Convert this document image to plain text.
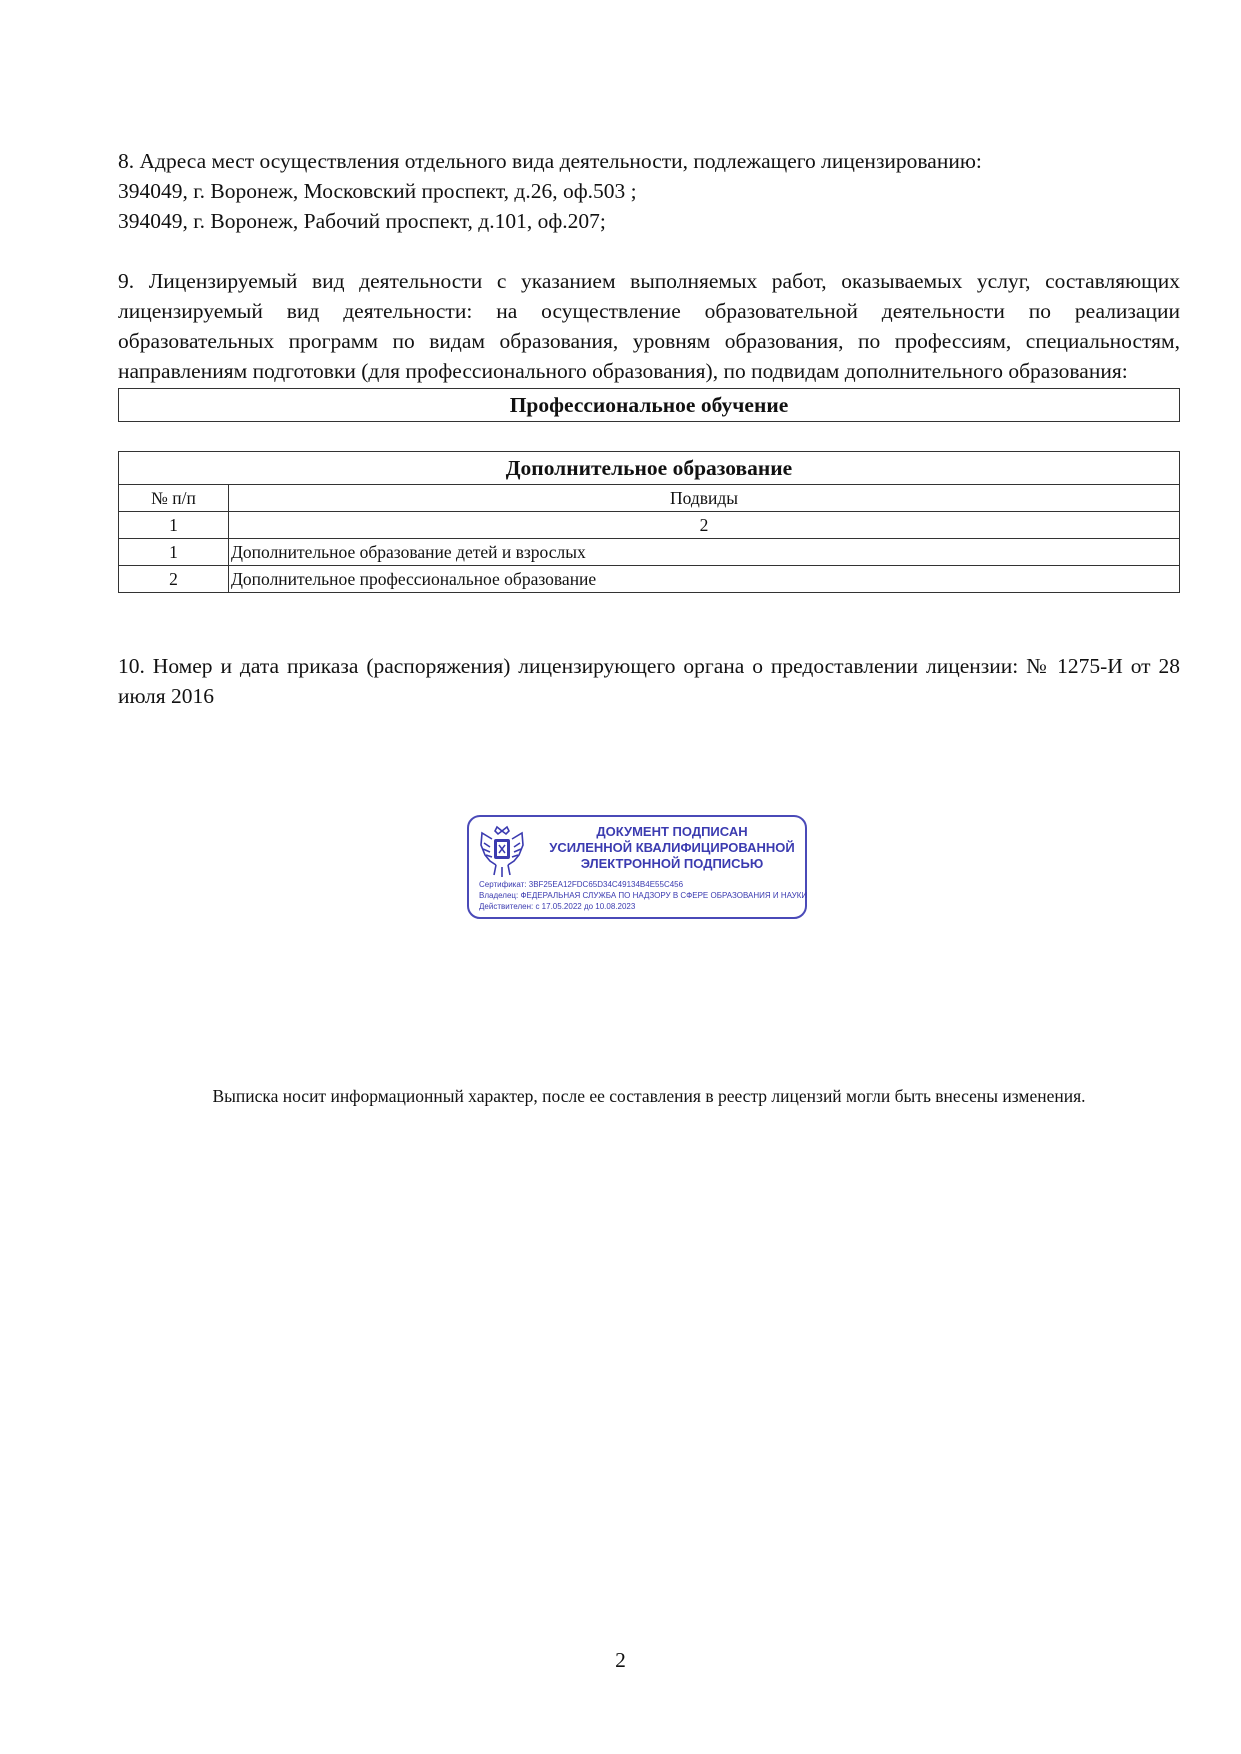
8. Адреса мест осуществления отдельного вида деятельности, подлежащего лицензированию:

394049, г. Воронеж, Московский проспект, д.26, оф.503 ;

394049, г. Воронеж, Рабочий проспект, д.101, оф.207;

9. Лицензируемый вид деятельности с указанием выполняемых работ, оказываемых услуг, составляющих лицензируемый вид деятельности: на осуществление образовательной деятельности по реализации образовательных программ по видам образования, уровням образования, по профессиям, специальностям, направлениям подготовки (для профессионального образования), по подвидам дополнительного образования:

Профессиональное обучение
Дополнительное образование	
№ п/п	Подвиды
1	2
1	Дополнительное образование детей и взрослых
2	Дополнительное профессиональное образование

10. Номер и дата приказа (распоряжения) лицензирующего органа о предоставлении лицензии: № 1275-И от 28 июля 2016

ДОКУМЕНТ ПОДПИСАН
УСИЛЕННОЙ КВАЛИФИЦИРОВАННОЙ
ЭЛЕКТРОННОЙ ПОДПИСЬЮ
Сертификат: 3BF25EA12FDC65D34C49134B4E55C456
Владелец: ФЕДЕРАЛЬНАЯ СЛУЖБА ПО НАДЗОРУ В СФЕРЕ ОБРАЗОВАНИЯ И НАУКИ
Действителен: с 17.05.2022 до 10.08.2023
Выписка носит информационный характер, после ее составления в реестр лицензий могли быть внесены изменения.
2
